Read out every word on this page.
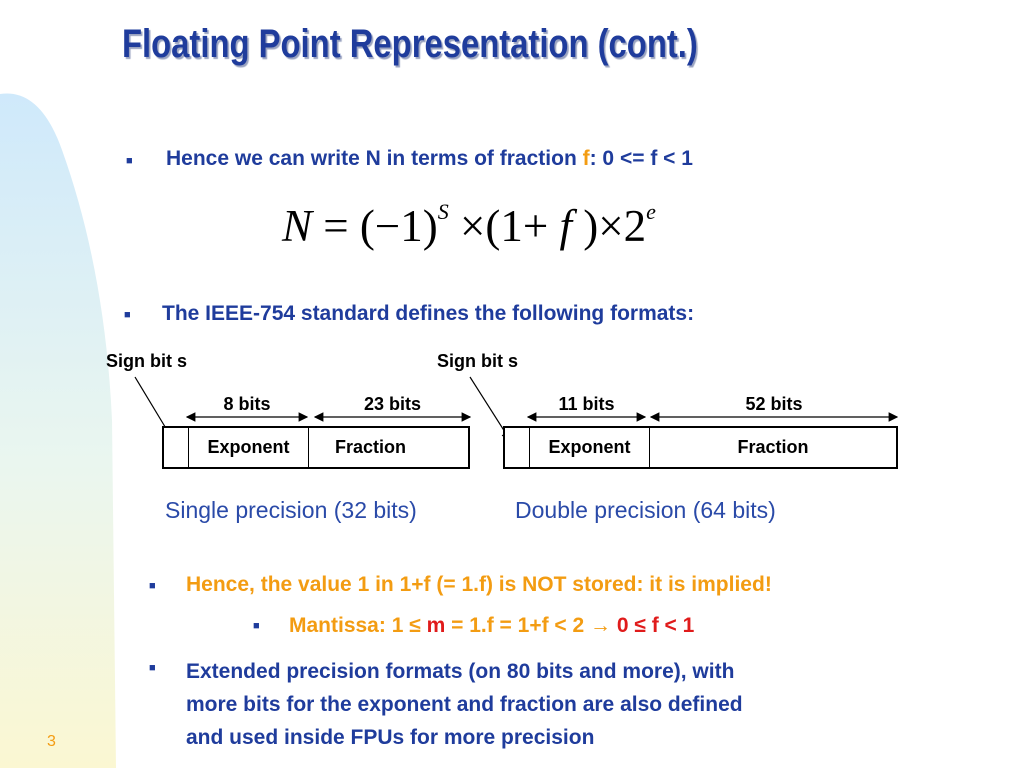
Floating Point Representation (cont.)
■ Hence we can write N in terms of fraction f: 0 <= f < 1
$N = (-1)^S \times(1+ f$ )$\times 2^e$
■ The IEEE-754 standard defines the following formats:
Sign bit s
8 bits	23 bits
Exponent	Fraction
Single precision (32 bits)
Sign bit s
11 bits	52 bits
Exponent	Fraction
Double precision (64 bits)
■ Hence, the value 1 in 1+f (= 1.f) is NOT stored: it is implied!
■ Mantissa: 1 ≤ m = 1.f = 1+f < 2 → 0 ≤ f < 1
■ Extended precision formats (on 80 bits and more), with
more bits for the exponent and fraction are also defined
and used inside FPUs for more precision
3
